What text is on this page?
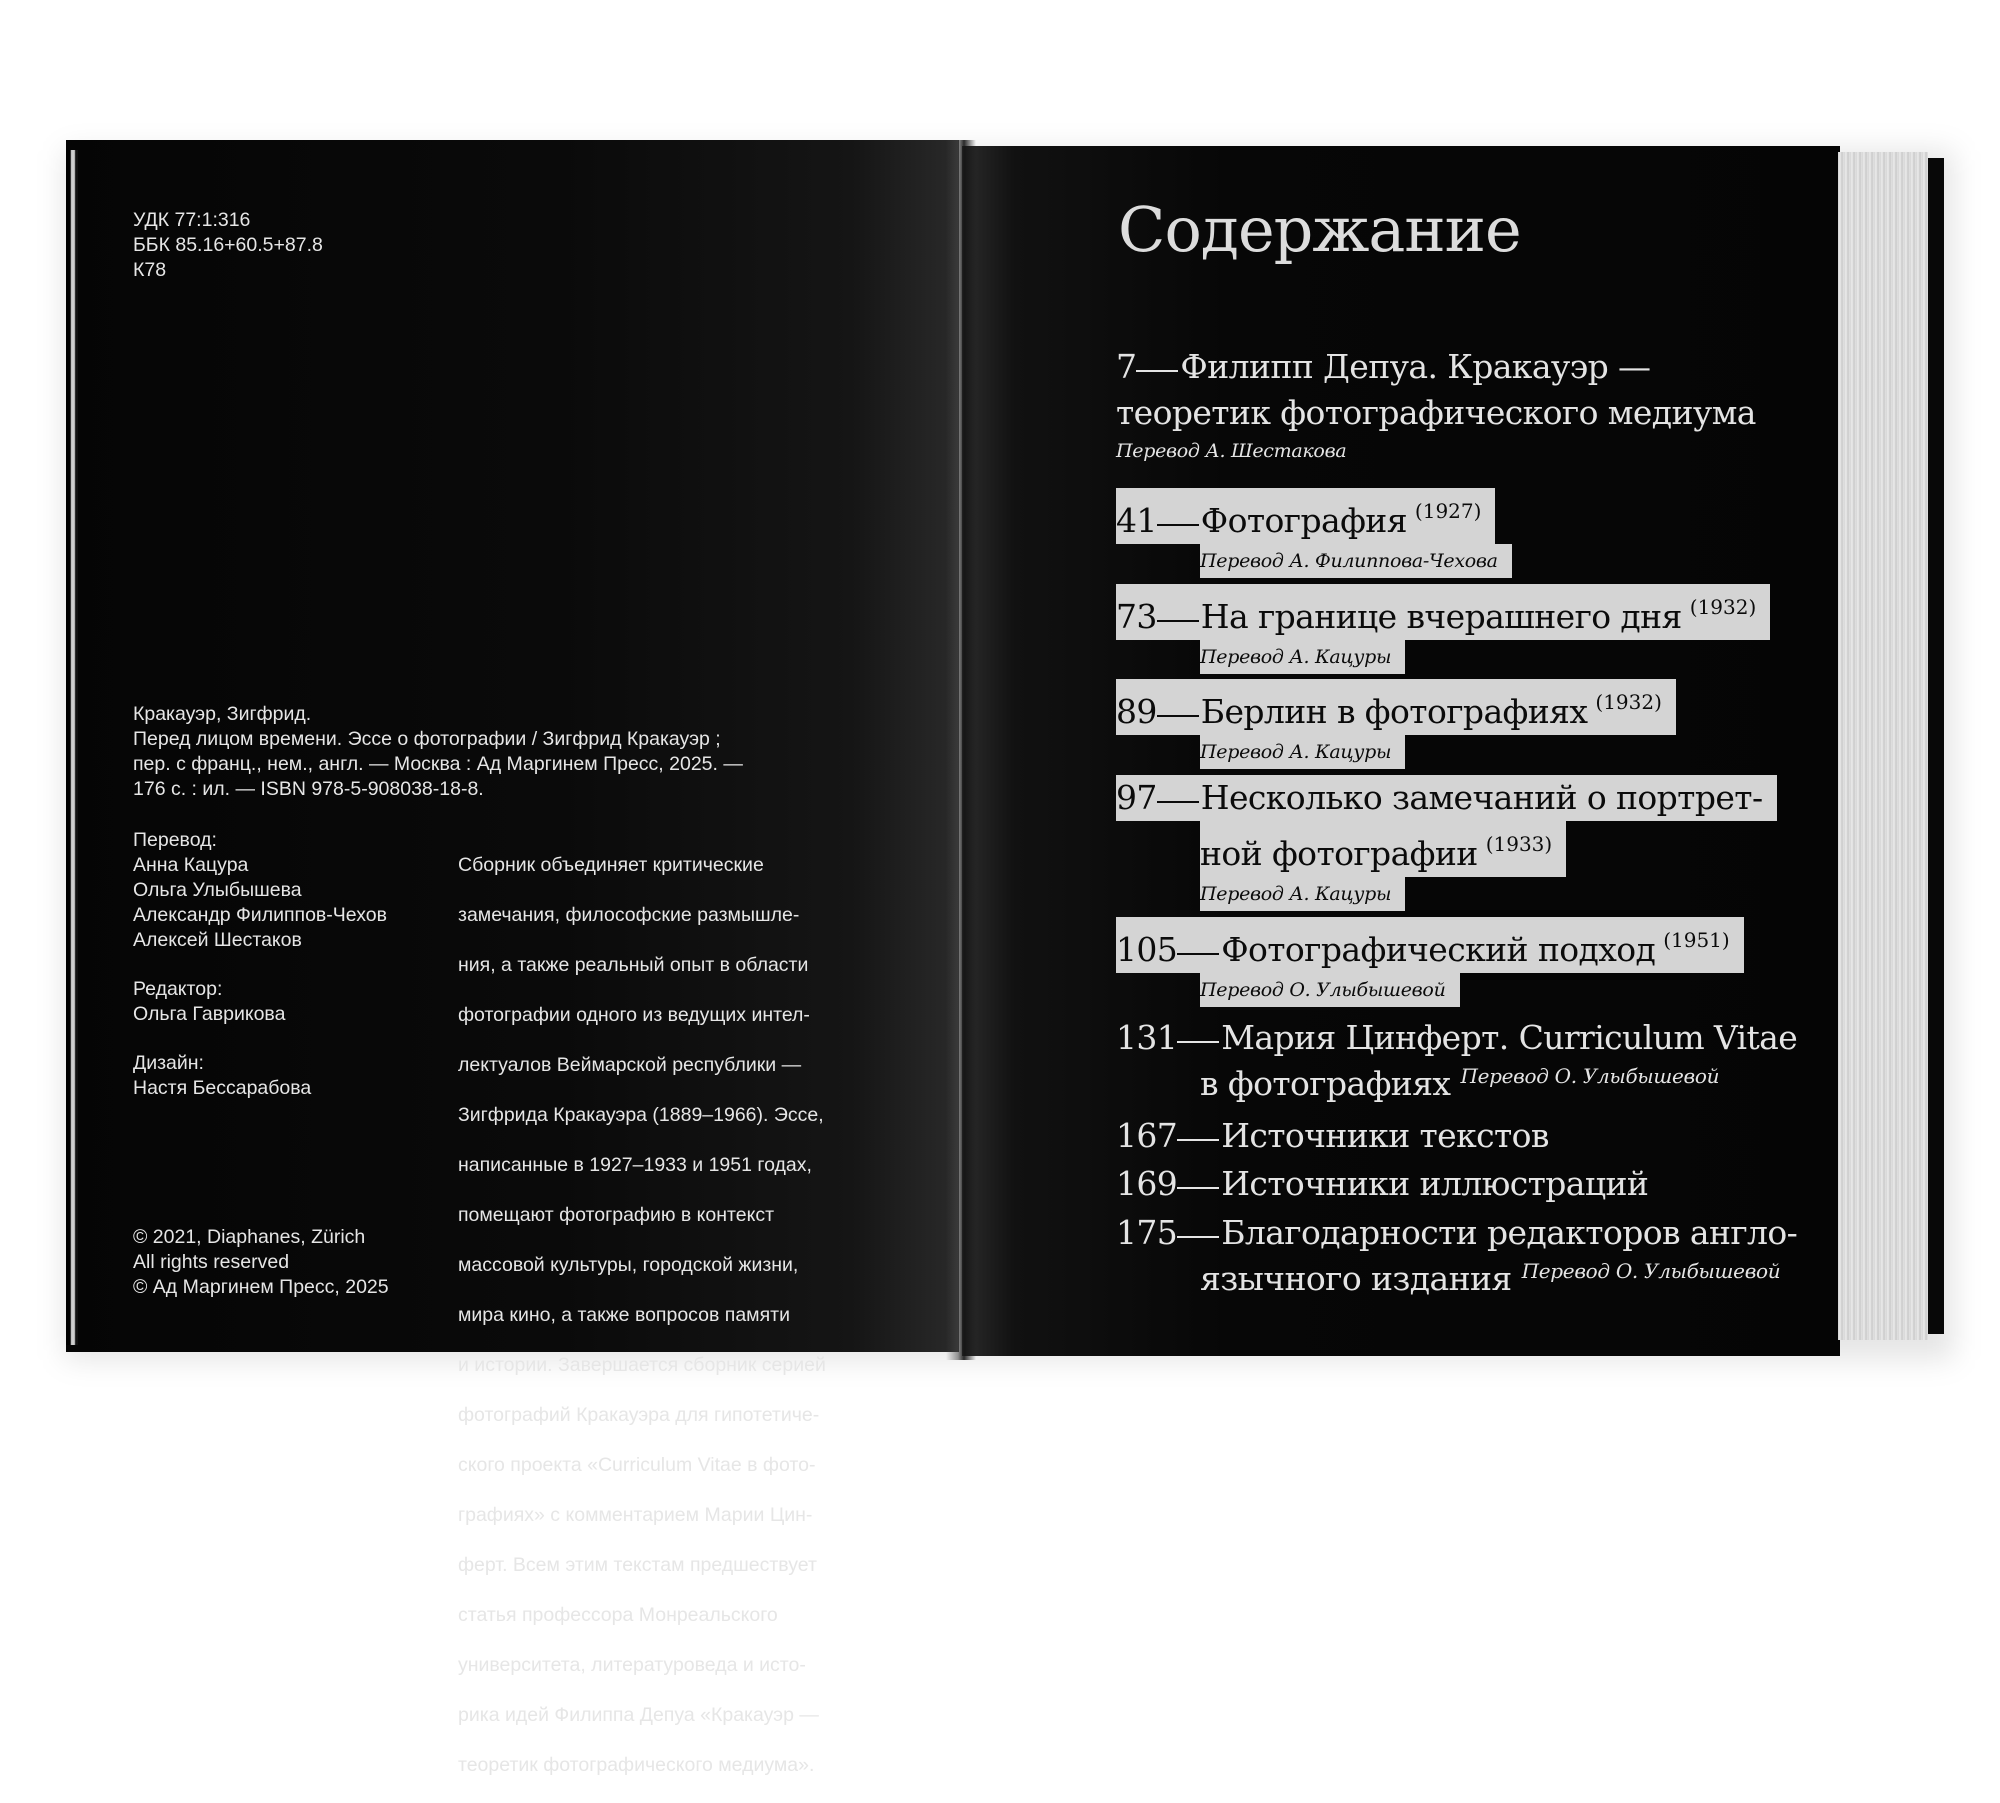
УДК 77:1:316
ББК 85.16+60.5+87.8
К78
Кракауэр, Зигфрид.
Перед лицом времени. Эссе о фотографии / Зигфрид Кракауэр ;
пер. с франц., нем., англ. — Москва : Ад Маргинем Пресс, 2025. —
176 с. : ил. — ISBN 978-5-908038-18-8.
Перевод:
Анна Кацура
Ольга Улыбышева
Александр Филиппов-Чехов
Алексей Шестаков
Редактор:
Ольга Гаврикова
Дизайн:
Настя Бессарабова

Сборник объединяет критические

замечания, философские размышле-

ния, а также реальный опыт в области

фотографии одного из ведущих интел-

лектуалов Веймарской республики —

Зигфрида Кракауэра (1889–1966). Эссе,

написанные в 1927–1933 и 1951 годах,

помещают фотографию в контекст

массовой культуры, городской жизни,

мира кино, а также вопросов памяти

и истории. Завершается сборник серией

фотографий Кракауэра для гипотетиче-

ского проекта «Curriculum Vitae в фото-

графиях» с комментарием Марии Цин-

ферт. Всем этим текстам предшествует

статья профессора Монреальского

университета, литературоведа и исто-

рика идей Филиппа Депуа «Кракауэр —

теоретик фотографического медиума».

© 2021, Diaphanes, Zürich
All rights reserved
© Ад Маргинем Пресс, 2025
Содержание
7 Филипп Депуа. Кракауэр —
теоретик фотографического медиума
Перевод А. Шестакова
41 Фотография $^{(1927)}$
Перевод А. Филиппова-Чехова
73 На границе вчерашнего дня $^{(1932)}$
Перевод А. Кацуры
89 Берлин в фотографиях $^{(1932)}$
Перевод А. Кацуры
97 Несколько замечаний о портрет-
ной фотографии $^{(1933)}$
Перевод А. Кацуры
105 Фотографический подход $^{(1951)}$
Перевод О. Улыбышевой
131 Мария Цинферт. Curriculum Vitae
в фотографиях $^{Перевод О. Улыбышевой}$
167 Источники текстов
169 Источники иллюстраций
175 Благодарности редакторов англо-
язычного издания $^{Перевод О. Улыбышевой}$
